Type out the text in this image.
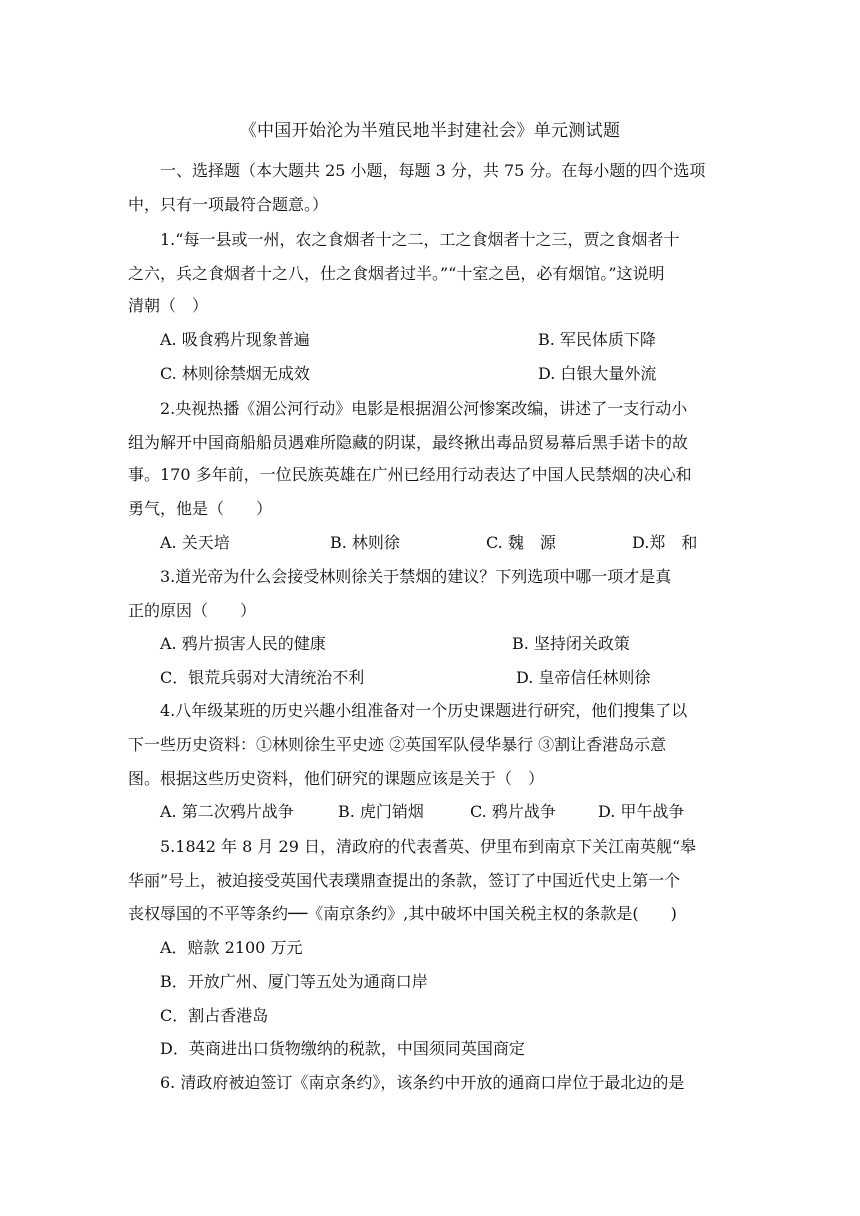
《中国开始沦为半殖民地半封建社会》单元测试题
一、选择题（本大题共 25 小题，每题 3 分，共 75 分。在每小题的四个选项
中，只有一项最符合题意。）
1.“每一县或一州，农之食烟者十之二，工之食烟者十之三，贾之食烟者十
之六，兵之食烟者十之八，仕之食烟者过半。”“十室之邑，必有烟馆。”这说明
清朝（　）
A. 吸食鸦片现象普遍	B. 军民体质下降
C. 林则徐禁烟无成效	D. 白银大量外流
2.央视热播《湄公河行动》电影是根据湄公河惨案改编，讲述了一支行动小
组为解开中国商船船员遇难所隐藏的阴谋，最终揪出毒品贸易幕后黑手诺卡的故
事。170 多年前，一位民族英雄在广州已经用行动表达了中国人民禁烟的决心和
勇气，他是（　　）
A. 关天培	B. 林则徐	C. 魏　源	D.郑　和
3.道光帝为什么会接受林则徐关于禁烟的建议？下列选项中哪一项才是真
正的原因（　　）
A. 鸦片损害人民的健康	B. 坚持闭关政策
C．银荒兵弱对大清统治不利	D. 皇帝信任林则徐
4.八年级某班的历史兴趣小组准备对一个历史课题进行研究，他们搜集了以
下一些历史资料：①林则徐生平史迹 ②英国军队侵华暴行 ③割让香港岛示意
图。根据这些历史资料，他们研究的课题应该是关于（　）
A. 第二次鸦片战争	B. 虎门销烟	C. 鸦片战争	D. 甲午战争
5.1842 年 8 月 29 日，清政府的代表耆英、伊里布到南京下关江南英舰“皋
华丽”号上，被迫接受英国代表璞鼎查提出的条款，签订了中国近代史上第一个
丧权辱国的不平等条约──《南京条约》,其中破坏中国关税主权的条款是(　　)
A．赔款 2100 万元
B．开放广州、厦门等五处为通商口岸
C．割占香港岛
D．英商进出口货物缴纳的税款，中国须同英国商定
6. 清政府被迫签订《南京条约》，该条约中开放的通商口岸位于最北边的是
